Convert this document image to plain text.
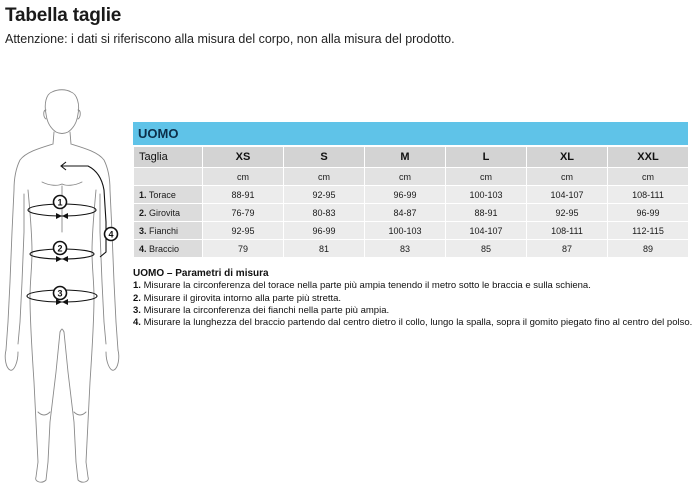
Tabella taglie
Attenzione: i dati si riferiscono alla misura del corpo, non alla misura del prodotto.
1
2
3
4
UOMO
Taglia	XS	S	M	L	XL	XXL
	cm	cm	cm	cm	cm	cm
1. Torace	88-91	92-95	96-99	100-103	104-107	108-111
2. Girovita	76-79	80-83	84-87	88-91	92-95	96-99
3. Fianchi	92-95	96-99	100-103	104-107	108-111	112-115
4. Braccio	79	81	83	85	87	89
UOMO – Parametri di misura
1. Misurare la circonferenza del torace nella parte più ampia tenendo il metro sotto le braccia e sulla schiena.
2. Misurare il girovita intorno alla parte più stretta.
3. Misurare la circonferenza dei fianchi nella parte più ampia.
4. Misurare la lunghezza del braccio partendo dal centro dietro il collo, lungo la spalla, sopra il gomito piegato fino al centro del polso.
